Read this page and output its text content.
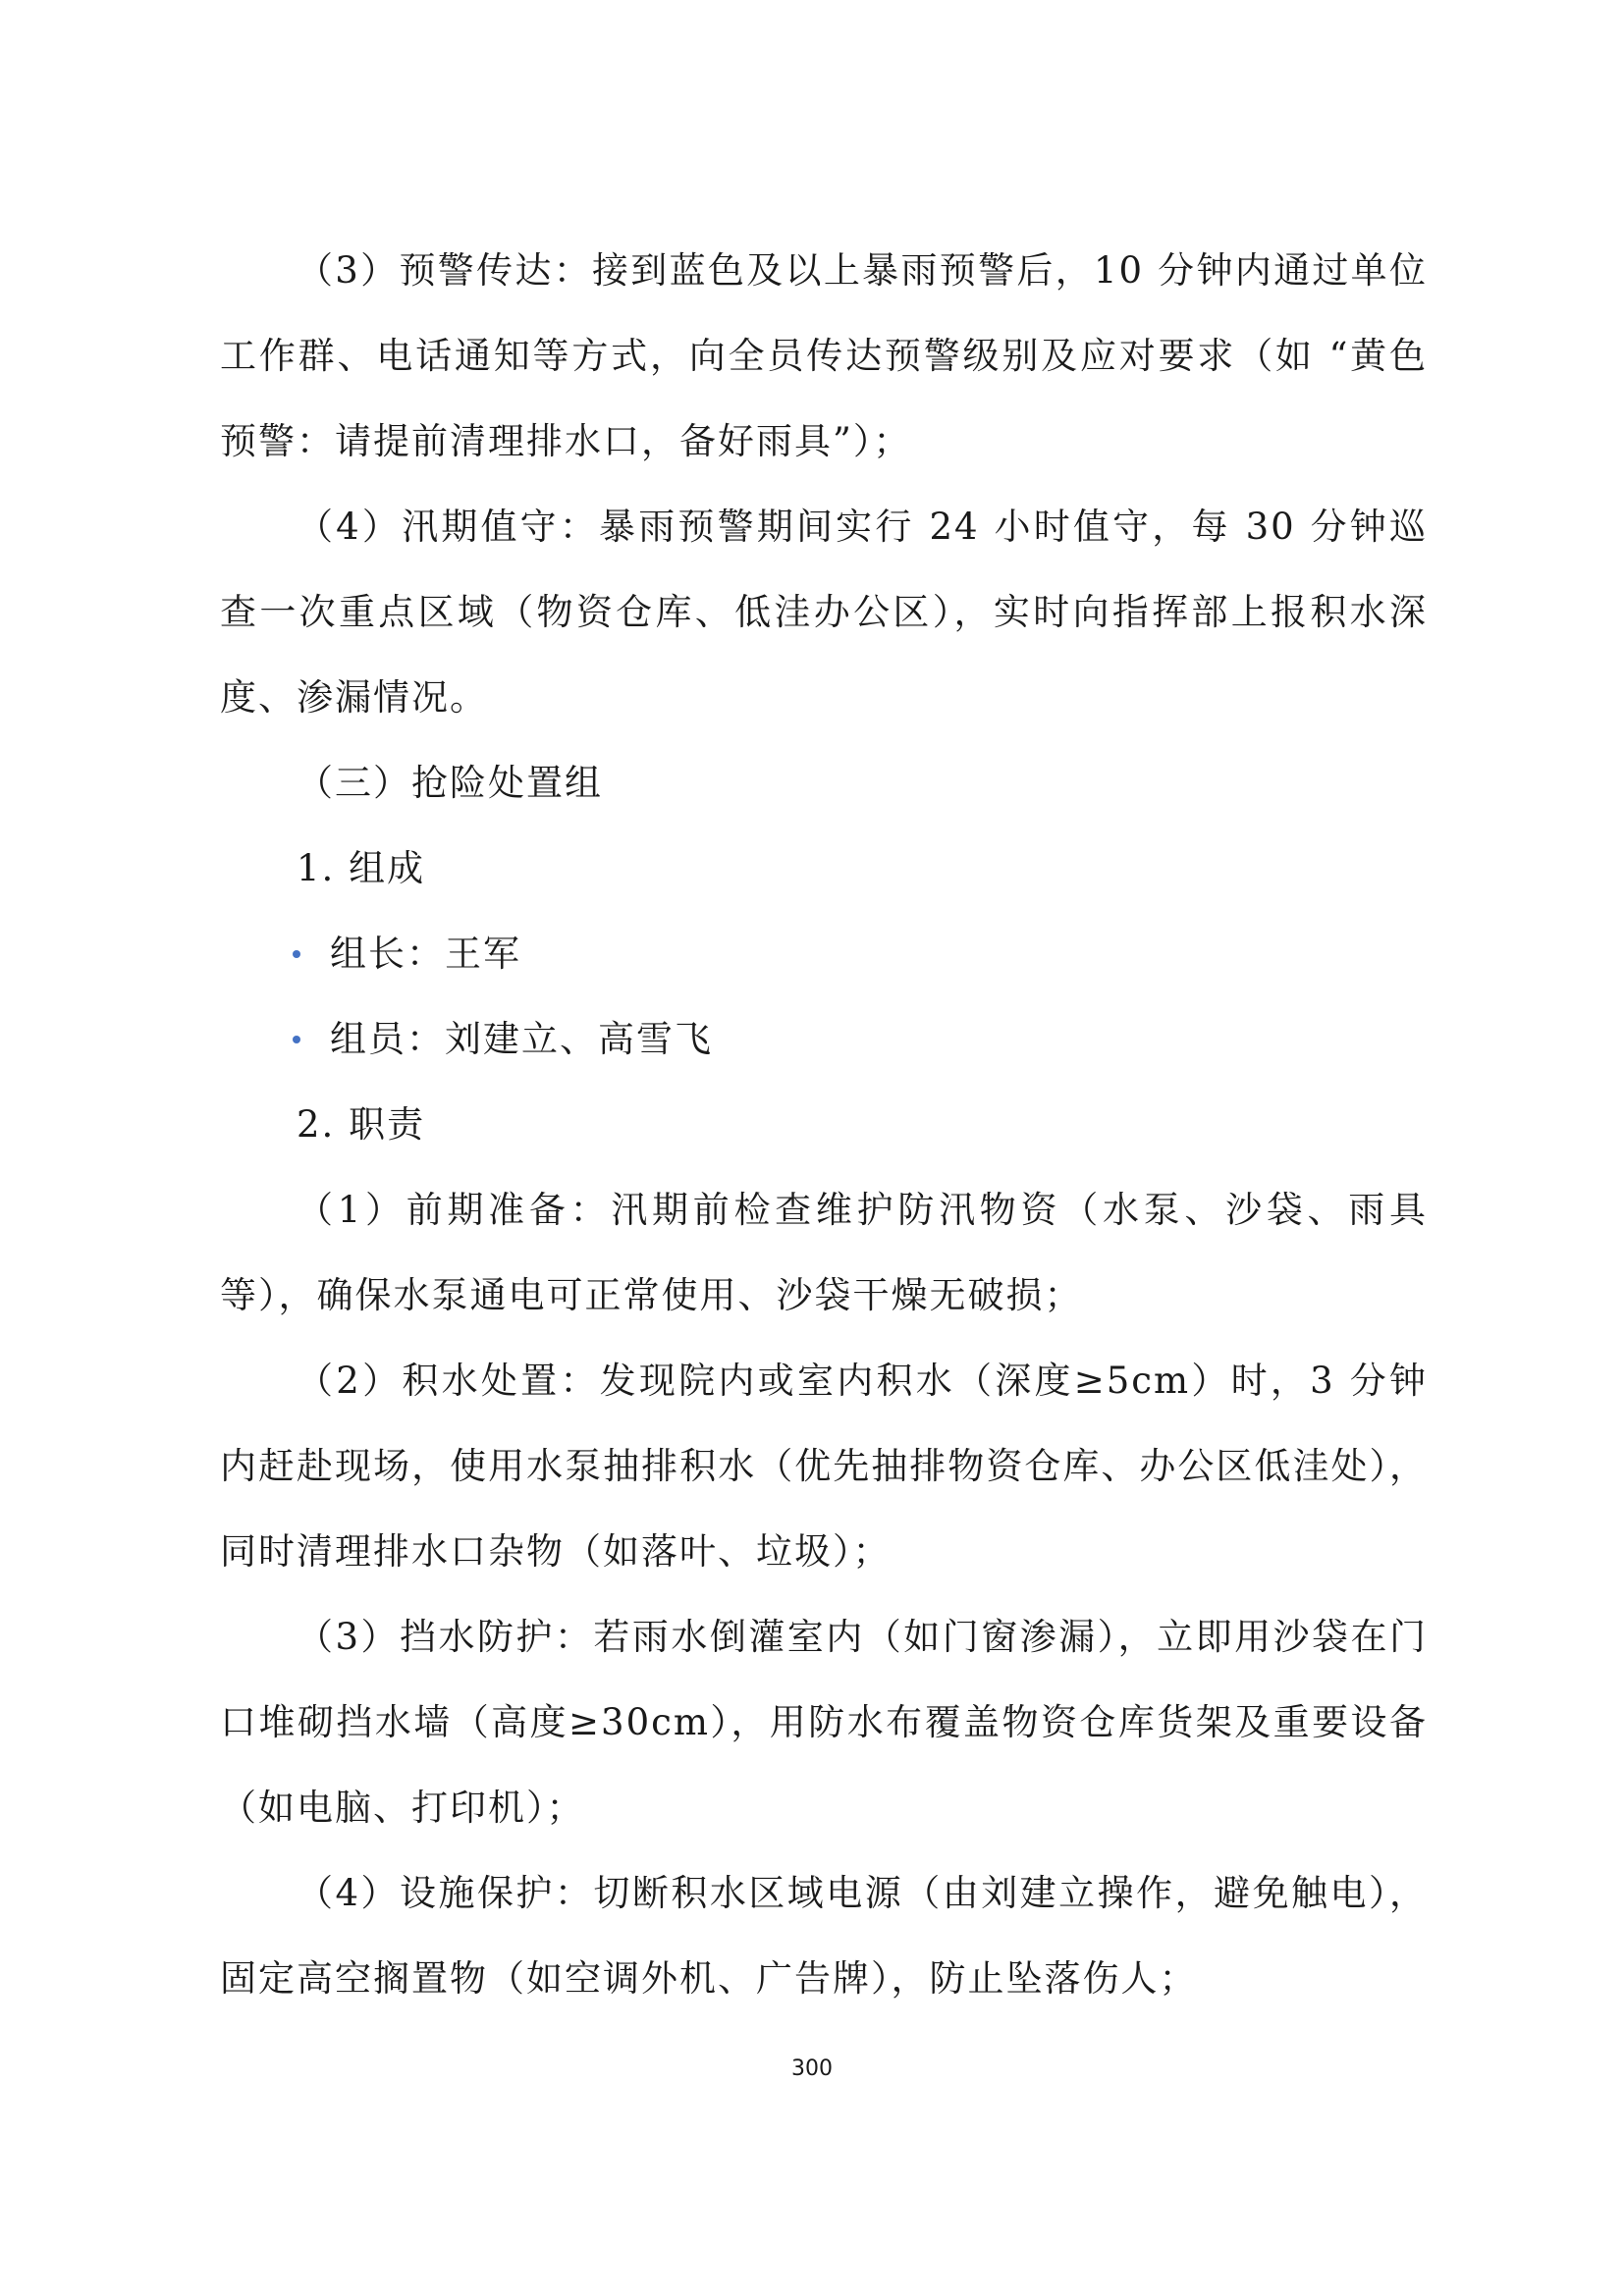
（3）预警传达：接到蓝色及以上暴雨预警后，10 分钟内通过单位工作群、电话通知等方式，向全员传达预警级别及应对要求（如 “黄色预警：请提前清理排水口，备好雨具”）；

（4）汛期值守：暴雨预警期间实行 24 小时值守，每 30 分钟巡查一次重点区域（物资仓库、低洼办公区），实时向指挥部上报积水深度、渗漏情况。

（三）抢险处置组

1. 组成

组长：王军
组员：刘建立、高雪飞

2. 职责

（1）前期准备：汛期前检查维护防汛物资（水泵、沙袋、雨具等），确保水泵通电可正常使用、沙袋干燥无破损；

（2）积水处置：发现院内或室内积水（深度≥5cm）时，3 分钟内赶赴现场，使用水泵抽排积水（优先抽排物资仓库、办公区低洼处），同时清理排水口杂物（如落叶、垃圾）；

（3）挡水防护：若雨水倒灌室内（如门窗渗漏），立即用沙袋在门口堆砌挡水墙（高度≥30cm），用防水布覆盖物资仓库货架及重要设备（如电脑、打印机）；

（4）设施保护：切断积水区域电源（由刘建立操作，避免触电），固定高空搁置物（如空调外机、广告牌），防止坠落伤人；

300
